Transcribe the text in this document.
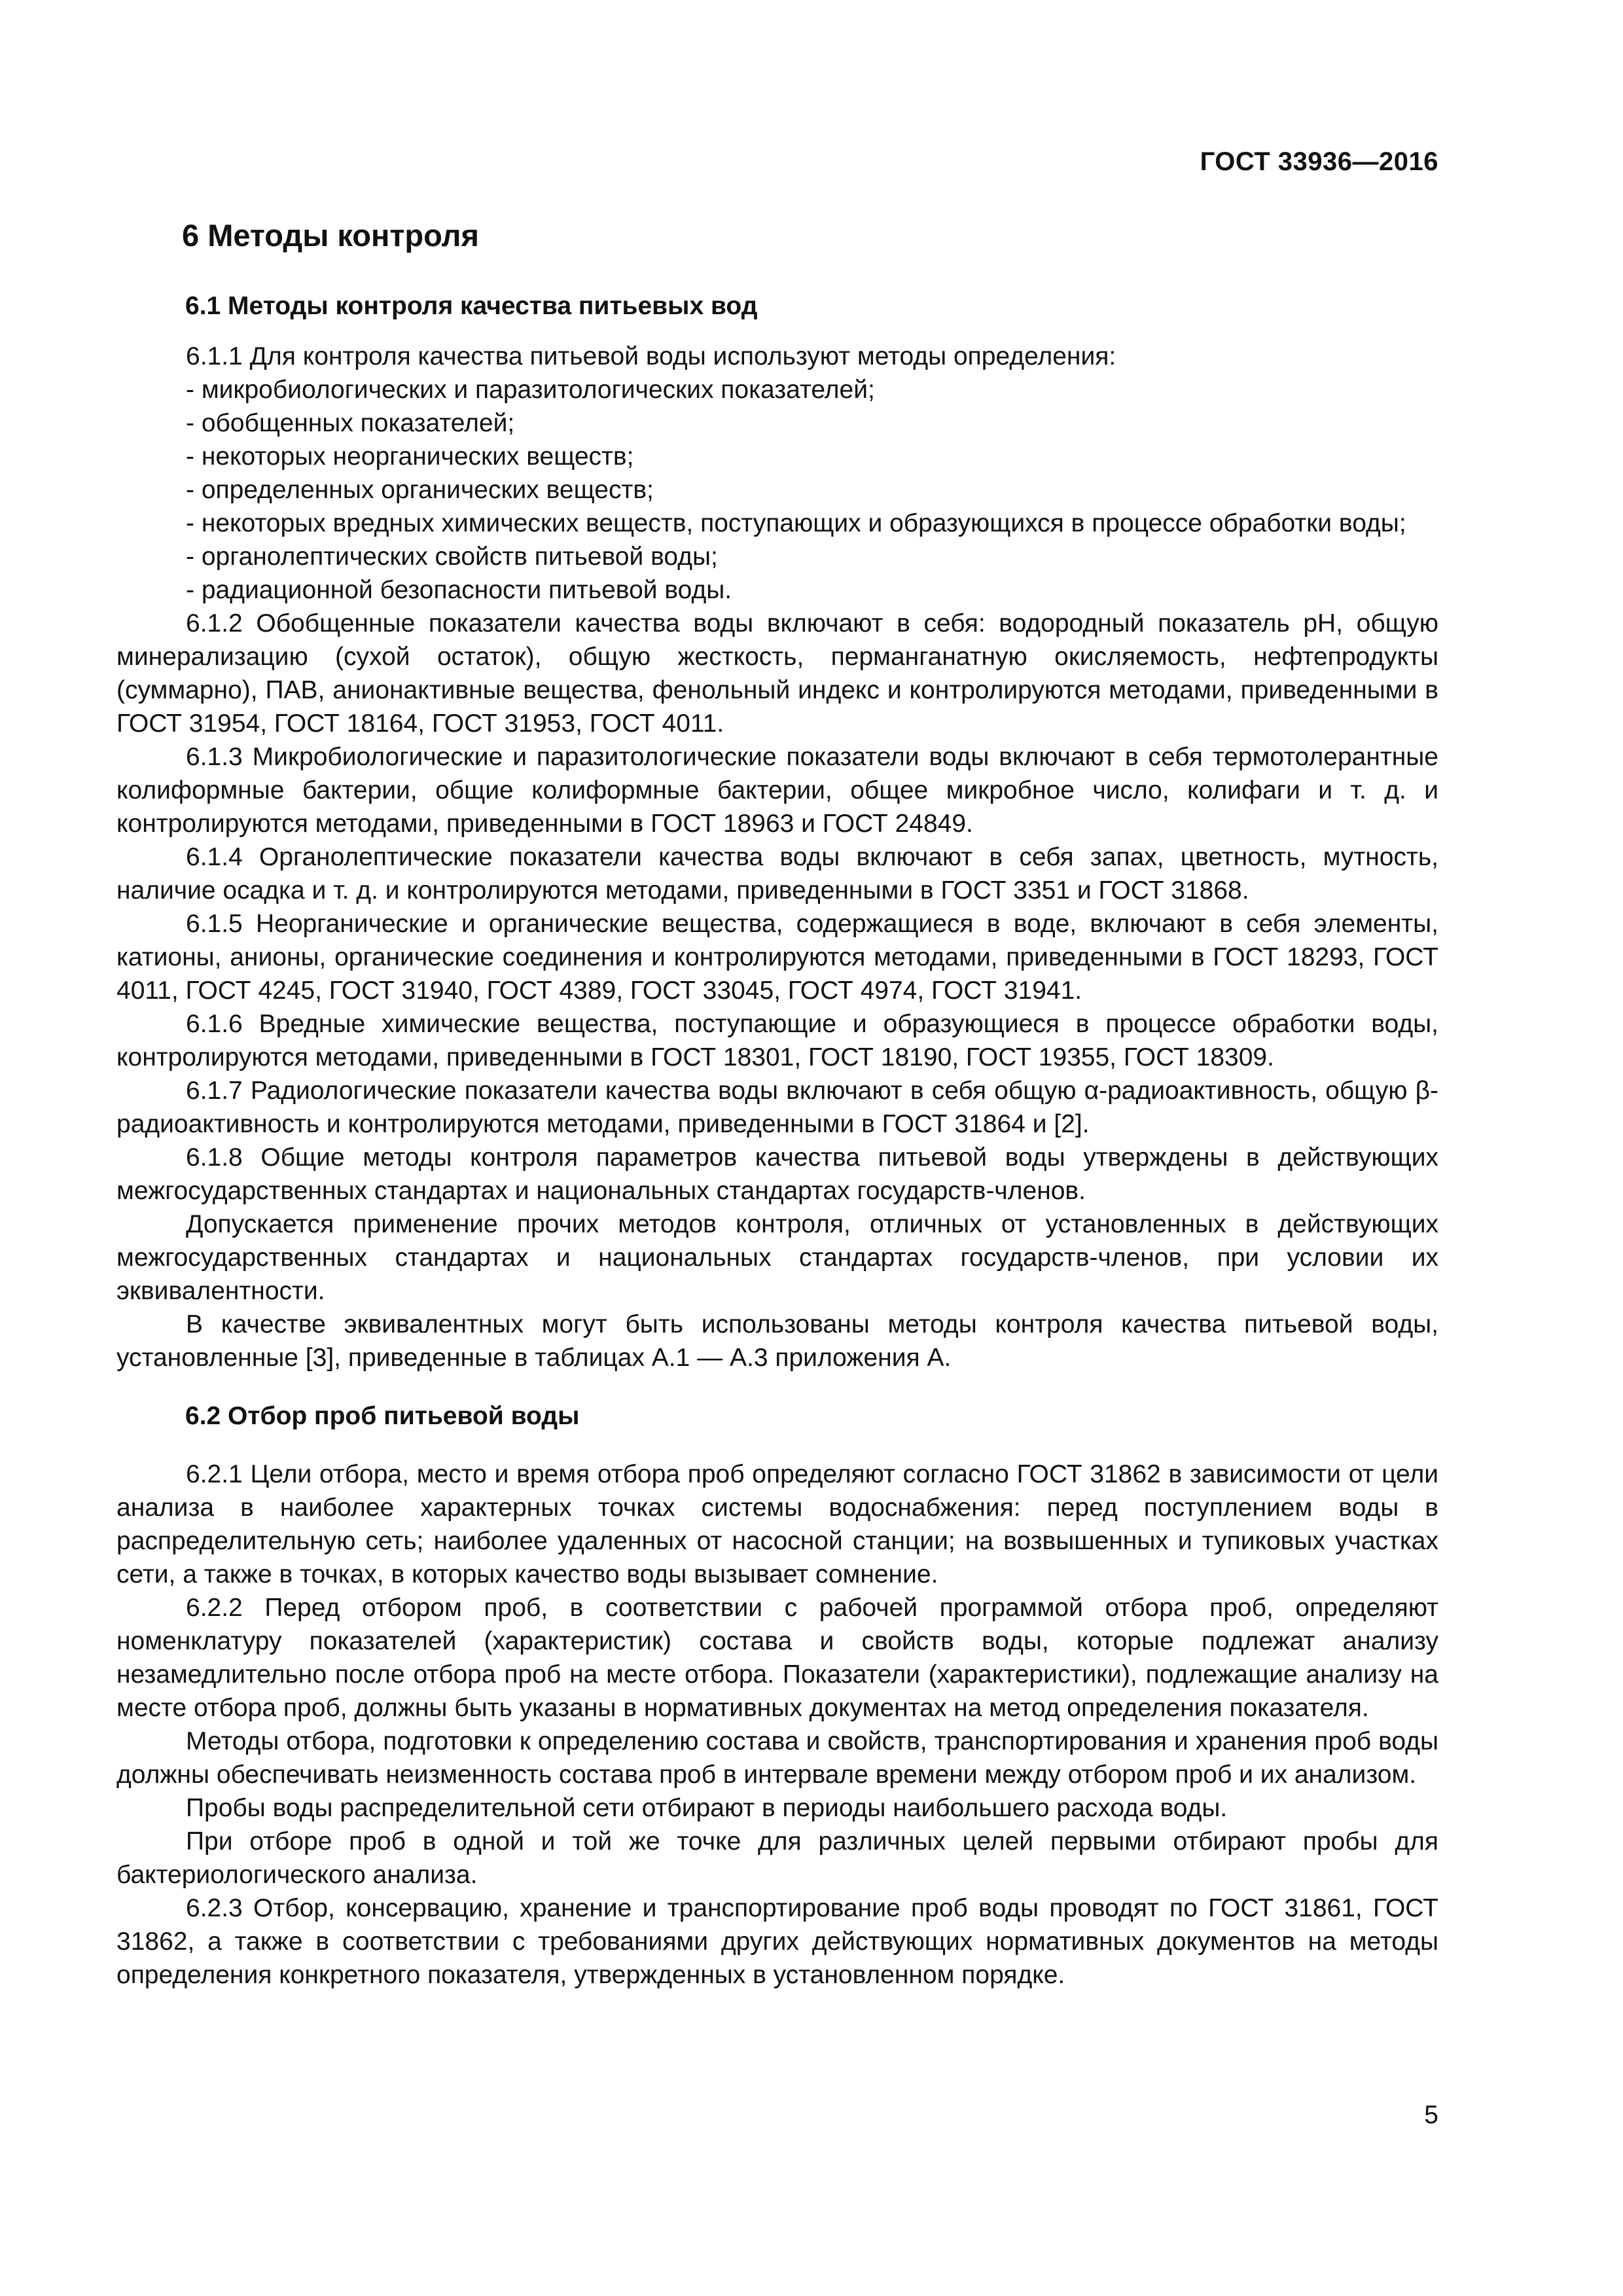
ГОСТ 33936—2016

6 Методы контроля

6.1 Методы контроля качества питьевых вод

6.1.1 Для контроля качества питьевой воды используют методы определения:

- микробиологических и паразитологических показателей;

- обобщенных показателей;

- некоторых неорганических веществ;

- определенных органических веществ;

- некоторых вредных химических веществ, поступающих и образующихся в процессе обработки воды;

- органолептических свойств питьевой воды;

- радиационной безопасности питьевой воды.

6.1.2 Обобщенные показатели качества воды включают в себя: водородный показатель pH, общую минерализацию (сухой остаток), общую жесткость, перманганатную окисляемость, нефтепродукты (суммарно), ПАВ, анионактивные вещества, фенольный индекс и контролируются методами, приведенными в ГОСТ 31954, ГОСТ 18164, ГОСТ 31953, ГОСТ 4011.

6.1.3 Микробиологические и паразитологические показатели воды включают в себя термотолерантные колиформные бактерии, общие колиформные бактерии, общее микробное число, колифаги и т. д. и контролируются методами, приведенными в ГОСТ 18963 и ГОСТ 24849.

6.1.4 Органолептические показатели качества воды включают в себя запах, цветность, мутность, наличие осадка и т. д. и контролируются методами, приведенными в ГОСТ 3351 и ГОСТ 31868.

6.1.5 Неорганические и органические вещества, содержащиеся в воде, включают в себя элементы, катионы, анионы, органические соединения и контролируются методами, приведенными в ГОСТ 18293, ГОСТ 4011, ГОСТ 4245, ГОСТ 31940, ГОСТ 4389, ГОСТ 33045, ГОСТ 4974, ГОСТ 31941.

6.1.6 Вредные химические вещества, поступающие и образующиеся в процессе обработки воды, контролируются методами, приведенными в ГОСТ 18301, ГОСТ 18190, ГОСТ 19355, ГОСТ 18309.

6.1.7 Радиологические показатели качества воды включают в себя общую α-радиоактивность, общую β-радиоактивность и контролируются методами, приведенными в ГОСТ 31864 и [2].

6.1.8 Общие методы контроля параметров качества питьевой воды утверждены в действующих межгосударственных стандартах и национальных стандартах государств-членов.

Допускается применение прочих методов контроля, отличных от установленных в действующих межгосударственных стандартах и национальных стандартах государств-членов, при условии их эквивалентности.

В качестве эквивалентных могут быть использованы методы контроля качества питьевой воды, установленные [3], приведенные в таблицах А.1 — А.3 приложения А.

6.2 Отбор проб питьевой воды

6.2.1 Цели отбора, место и время отбора проб определяют согласно ГОСТ 31862 в зависимости от цели анализа в наиболее характерных точках системы водоснабжения: перед поступлением воды в распределительную сеть; наиболее удаленных от насосной станции; на возвышенных и тупиковых участках сети, а также в точках, в которых качество воды вызывает сомнение.

6.2.2 Перед отбором проб, в соответствии с рабочей программой отбора проб, определяют номенклатуру показателей (характеристик) состава и свойств воды, которые подлежат анализу незамедлительно после отбора проб на месте отбора. Показатели (характеристики), подлежащие анализу на месте отбора проб, должны быть указаны в нормативных документах на метод определения показателя.

Методы отбора, подготовки к определению состава и свойств, транспортирования и хранения проб воды должны обеспечивать неизменность состава проб в интервале времени между отбором проб и их анализом.

Пробы воды распределительной сети отбирают в периоды наибольшего расхода воды.

При отборе проб в одной и той же точке для различных целей первыми отбирают пробы для бактериологического анализа.

6.2.3 Отбор, консервацию, хранение и транспортирование проб воды проводят по ГОСТ 31861, ГОСТ 31862, а также в соответствии с требованиями других действующих нормативных документов на методы определения конкретного показателя, утвержденных в установленном порядке.

5
